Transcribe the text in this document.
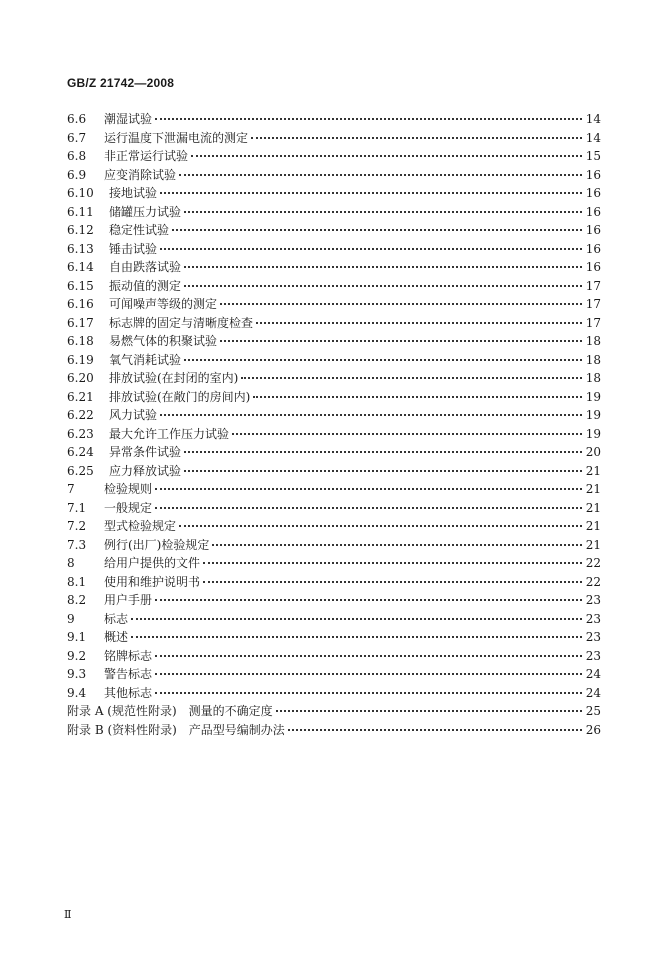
GB/Z 21742—2008
6.6	潮湿试验	14
6.7	运行温度下泄漏电流的测定	14
6.8	非正常运行试验	15
6.9	应变消除试验	16
6.10	接地试验	16
6.11	储罐压力试验	16
6.12	稳定性试验	16
6.13	锤击试验	16
6.14	自由跌落试验	16
6.15	振动值的测定	17
6.16	可闻噪声等级的测定	17
6.17	标志牌的固定与清晰度检查	17
6.18	易燃气体的积聚试验	18
6.19	氧气消耗试验	18
6.20	排放试验(在封闭的室内)	18
6.21	排放试验(在敞门的房间内)	19
6.22	风力试验	19
6.23	最大允许工作压力试验	19
6.24	异常条件试验	20
6.25	应力释放试验	21
7	检验规则	21
7.1	一般规定	21
7.2	型式检验规定	21
7.3	例行(出厂)检验规定	21
8	给用户提供的文件	22
8.1	使用和维护说明书	22
8.2	用户手册	23
9	标志	23
9.1	概述	23
9.2	铭牌标志	23
9.3	警告标志	24
9.4	其他标志	24
附录 A (规范性附录)　测量的不确定度	25
附录 B (资料性附录)　产品型号编制办法	26
Ⅱ
